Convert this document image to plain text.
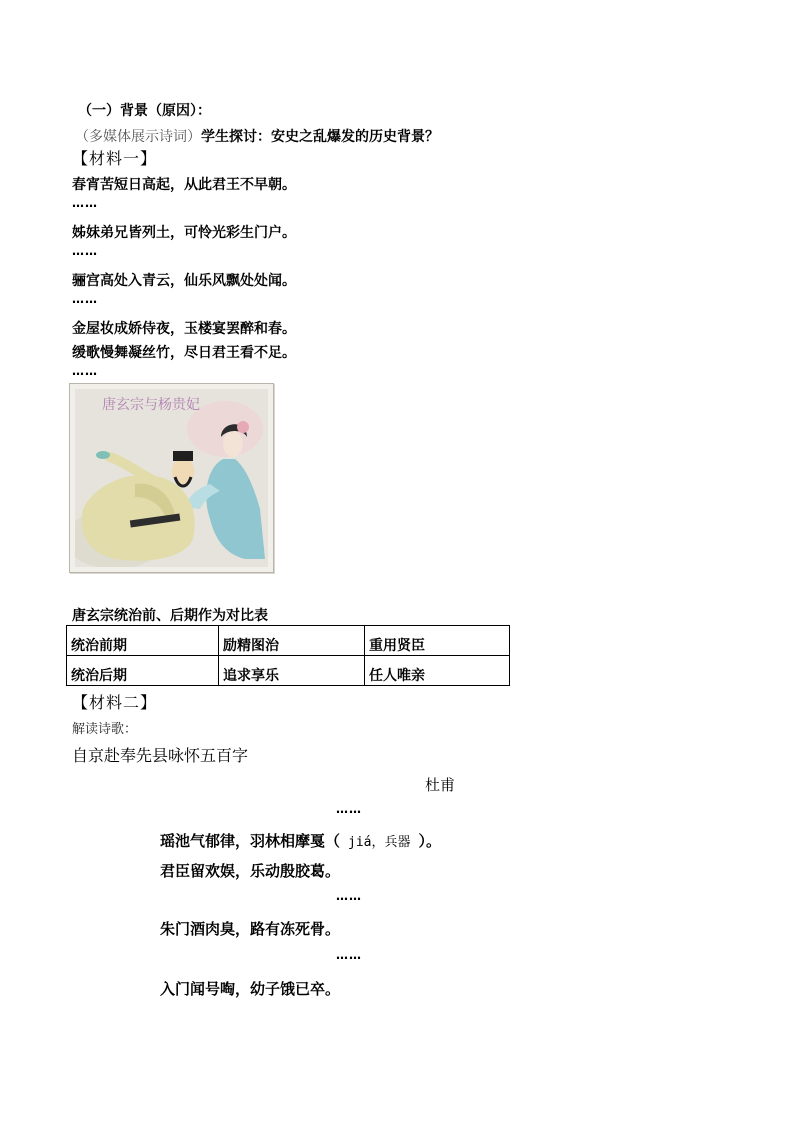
（一）背景（原因）：
（多媒体展示诗词）学生探讨：安史之乱爆发的历史背景？
【材料一】
春宵苦短日高起，从此君王不早朝。
……
姊妹弟兄皆列土，可怜光彩生门户。
……
骊宫高处入青云，仙乐风飘处处闻。
……
金屋妆成娇侍夜，玉楼宴罢醉和春。
缓歌慢舞凝丝竹，尽日君王看不足。
……
唐玄宗与杨贵妃
唐玄宗统治前、后期作为对比表
统治前期	励精图治	重用贤臣
统治后期	追求享乐	任人唯亲
【材料二】
解读诗歌：
自京赴奉先县咏怀五百字
杜甫
……
瑶池气郁律，羽林相摩戛（ jiá，兵器 ）。
君臣留欢娱，乐动殷胶葛。
……
朱门酒肉臭，路有冻死骨。
……
入门闻号啕，幼子饿已卒。
